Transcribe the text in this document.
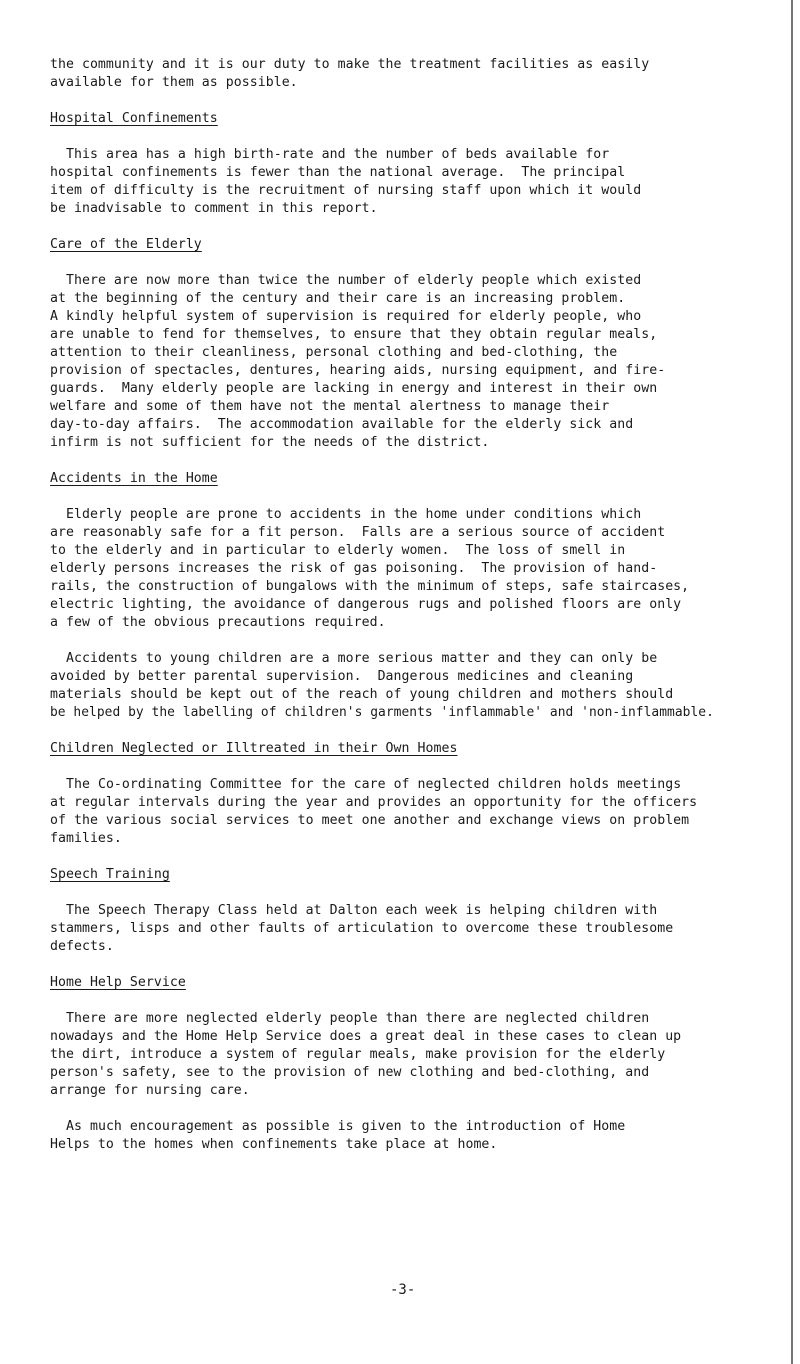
the community and it is our duty to make the treatment facilities as easily
available for them as possible.
Hospital Confinements
This area has a high birth-rate and the number of beds available for
hospital confinements is fewer than the national average.  The principal
item of difficulty is the recruitment of nursing staff upon which it would
be inadvisable to comment in this report.
Care of the Elderly
There are now more than twice the number of elderly people which existed
at the beginning of the century and their care is an increasing problem.
A kindly helpful system of supervision is required for elderly people, who
are unable to fend for themselves, to ensure that they obtain regular meals,
attention to their cleanliness, personal clothing and bed-clothing, the
provision of spectacles, dentures, hearing aids, nursing equipment, and fire-
guards.  Many elderly people are lacking in energy and interest in their own
welfare and some of them have not the mental alertness to manage their
day-to-day affairs.  The accommodation available for the elderly sick and
infirm is not sufficient for the needs of the district.
Accidents in the Home
Elderly people are prone to accidents in the home under conditions which
are reasonably safe for a fit person.  Falls are a serious source of accident
to the elderly and in particular to elderly women.  The loss of smell in
elderly persons increases the risk of gas poisoning.  The provision of hand-
rails, the construction of bungalows with the minimum of steps, safe staircases,
electric lighting, the avoidance of dangerous rugs and polished floors are only
a few of the obvious precautions required.
Accidents to young children are a more serious matter and they can only be
avoided by better parental supervision.  Dangerous medicines and cleaning
materials should be kept out of the reach of young children and mothers should
be helped by the labelling of children's garments 'inflammable' and 'non-inflammable.
Children Neglected or Illtreated in their Own Homes
The Co-ordinating Committee for the care of neglected children holds meetings
at regular intervals during the year and provides an opportunity for the officers
of the various social services to meet one another and exchange views on problem
families.
Speech Training
The Speech Therapy Class held at Dalton each week is helping children with
stammers, lisps and other faults of articulation to overcome these troublesome
defects.
Home Help Service
There are more neglected elderly people than there are neglected children
nowadays and the Home Help Service does a great deal in these cases to clean up
the dirt, introduce a system of regular meals, make provision for the elderly
person's safety, see to the provision of new clothing and bed-clothing, and
arrange for nursing care.
As much encouragement as possible is given to the introduction of Home
Helps to the homes when confinements take place at home.
-3-
